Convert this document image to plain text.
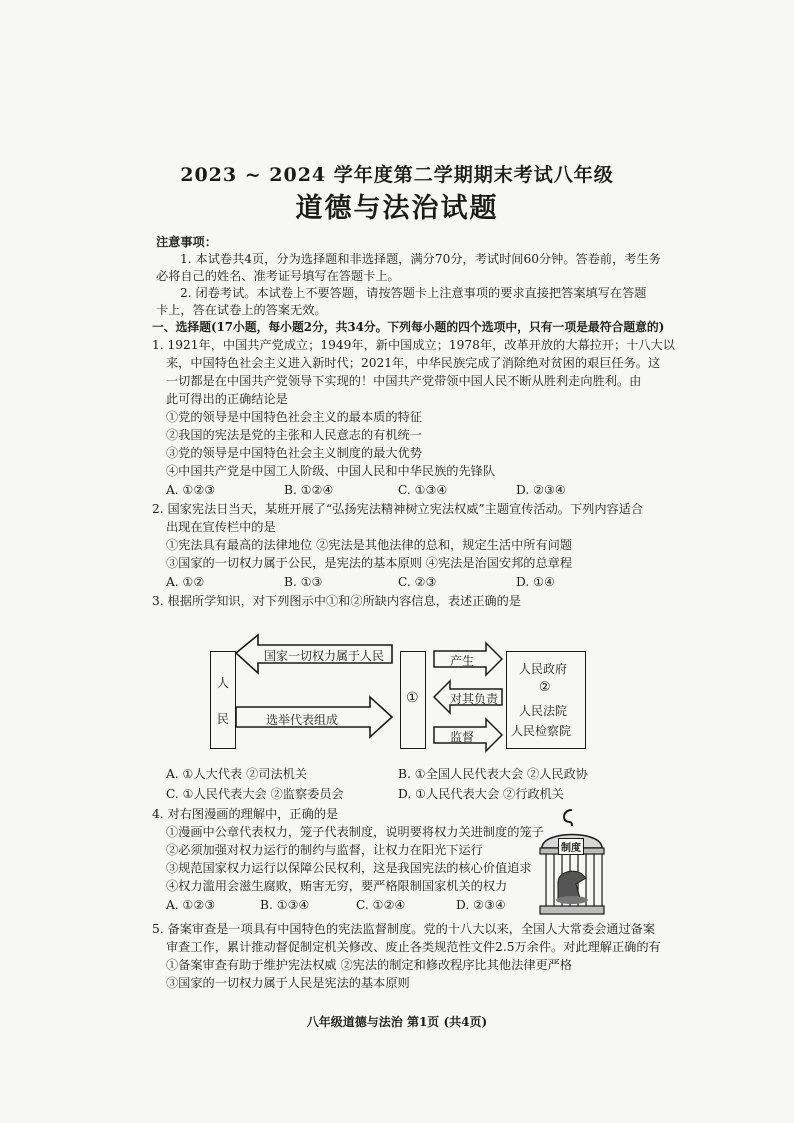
2023 ~ 2024 学年度第二学期期末考试八年级
道德与法治试题
注意事项：
1. 本试卷共4页，分为选择题和非选择题，满分70分，考试时间60分钟。答卷前，考生务
必将自己的姓名、准考证号填写在答题卡上。
2. 闭卷考试。本试卷上不要答题，请按答题卡上注意事项的要求直接把答案填写在答题
卡上，答在试卷上的答案无效。
一、选择题(17小题，每小题2分，共34分。下列每小题的四个选项中，只有一项是最符合题意的)
1. 1921年，中国共产党成立；1949年，新中国成立；1978年，改革开放的大幕拉开；十八大以
来，中国特色社会主义进入新时代；2021年，中华民族完成了消除绝对贫困的艰巨任务。这
一切都是在中国共产党领导下实现的！中国共产党带领中国人民不断从胜利走向胜利。由
此可得出的正确结论是
①党的领导是中国特色社会主义的最本质的特征
②我国的宪法是党的主张和人民意志的有机统一
③党的领导是中国特色社会主义制度的最大优势
④中国共产党是中国工人阶级、中国人民和中华民族的先锋队
A. ①②③	B. ①②④	C. ①③④	D. ②③④
2. 国家宪法日当天，某班开展了“弘扬宪法精神树立宪法权威”主题宣传活动。下列内容适合
出现在宣传栏中的是
①宪法具有最高的法律地位 ②宪法是其他法律的总和，规定生活中所有问题
③国家的一切权力属于公民，是宪法的基本原则 ④宪法是治国安邦的总章程
A. ①②	B. ①③	C. ②③	D. ①④
3. 根据所学知识，对下列图示中①和②所缺内容信息，表述正确的是
人
民
国家一切权力属于人民
选举代表组成
①
产生
对其负责
监督
人民政府
②
人民法院
人民检察院
A. ①人大代表 ②司法机关	B. ①全国人民代表大会 ②人民政协
C. ①人民代表大会 ②监察委员会	D. ①人民代表大会 ②行政机关
4. 对右图漫画的理解中，正确的是
①漫画中公章代表权力，笼子代表制度，说明要将权力关进制度的笼子
②必须加强对权力运行的制约与监督，让权力在阳光下运行
③规范国家权力运行以保障公民权利，这是我国宪法的核心价值追求
④权力滥用会滋生腐败，贿害无穷，要严格限制国家机关的权力
A. ①②③	B. ①③④	C. ①②④	D. ②③④
制度
5. 备案审查是一项具有中国特色的宪法监督制度。党的十八大以来，全国人大常委会通过备案
审查工作，累计推动督促制定机关修改、废止各类规范性文件2.5万余件。对此理解正确的有
①备案审查有助于维护宪法权威 ②宪法的制定和修改程序比其他法律更严格
③国家的一切权力属于人民是宪法的基本原则
八年级道德与法治 第1页 (共4页)
